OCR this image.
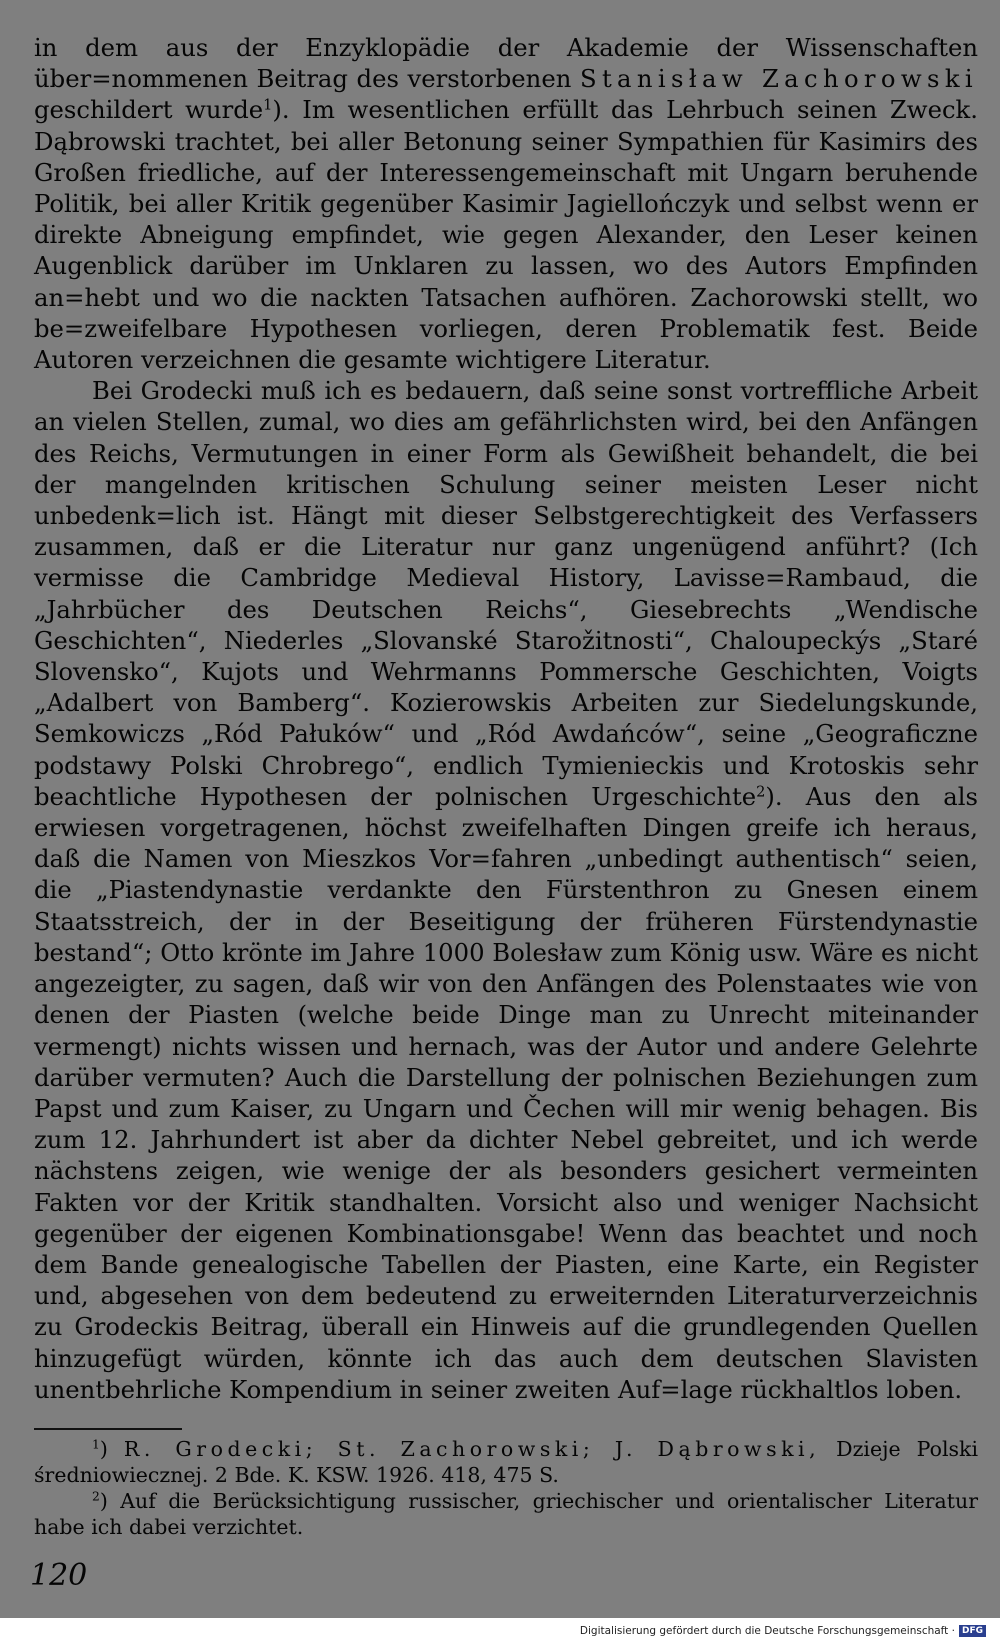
in dem aus der Enzyklopädie der Akademie der Wissenschaften über=nommenen Beitrag des verstorbenen Stanisław Zachorowski geschildert wurde$^1$). Im wesentlichen erfüllt das Lehrbuch seinen Zweck. Dąbrowski trachtet, bei aller Betonung seiner Sympathien für Kasimirs des Großen friedliche, auf der Interessengemeinschaft mit Ungarn beruhende Politik, bei aller Kritik gegenüber Kasimir Jagiellończyk und selbst wenn er direkte Abneigung empfindet, wie gegen Alexander, den Leser keinen Augenblick darüber im Unklaren zu lassen, wo des Autors Empfinden an=hebt und wo die nackten Tatsachen aufhören. Zachorowski stellt, wo be=zweifelbare Hypothesen vorliegen, deren Problematik fest. Beide Autoren verzeichnen die gesamte wichtigere Literatur.

Bei Grodecki muß ich es bedauern, daß seine sonst vortreffliche Arbeit an vielen Stellen, zumal, wo dies am gefährlichsten wird, bei den Anfängen des Reichs, Vermutungen in einer Form als Gewißheit behandelt, die bei der mangelnden kritischen Schulung seiner meisten Leser nicht unbedenk=lich ist. Hängt mit dieser Selbstgerechtigkeit des Verfassers zusammen, daß er die Literatur nur ganz ungenügend anführt? (Ich vermisse die Cambridge Medieval History, Lavisse=Rambaud, die „Jahrbücher des Deutschen Reichs“, Giesebrechts „Wendische Geschichten“, Niederles „Slovanské Starožitnosti“, Chaloupeckýs „Staré Slovensko“, Kujots und Wehrmanns Pommersche Geschichten, Voigts „Adalbert von Bamberg“. Kozierowskis Arbeiten zur Siedelungskunde, Semkowiczs „Ród Pałuków“ und „Ród Awdańców“, seine „Geograficzne podstawy Polski Chrobrego“, endlich Tymienieckis und Krotoskis sehr beachtliche Hypothesen der polnischen Urgeschichte$^2$). Aus den als erwiesen vorgetragenen, höchst zweifelhaften Dingen greife ich heraus, daß die Namen von Mieszkos Vor=fahren „unbedingt authentisch“ seien, die „Piastendynastie verdankte den Fürstenthron zu Gnesen einem Staatsstreich, der in der Beseitigung der früheren Fürstendynastie bestand“; Otto krönte im Jahre 1000 Bolesław zum König usw. Wäre es nicht angezeigter, zu sagen, daß wir von den Anfängen des Polenstaates wie von denen der Piasten (welche beide Dinge man zu Unrecht miteinander vermengt) nichts wissen und hernach, was der Autor und andere Gelehrte darüber vermuten? Auch die Darstellung der polnischen Beziehungen zum Papst und zum Kaiser, zu Ungarn und Čechen will mir wenig behagen. Bis zum 12. Jahrhundert ist aber da dichter Nebel gebreitet, und ich werde nächstens zeigen, wie wenige der als besonders gesichert vermeinten Fakten vor der Kritik standhalten. Vorsicht also und weniger Nachsicht gegenüber der eigenen Kombinationsgabe! Wenn das beachtet und noch dem Bande genealogische Tabellen der Piasten, eine Karte, ein Register und, abgesehen von dem bedeutend zu erweiternden Literaturverzeichnis zu Grodeckis Beitrag, überall ein Hinweis auf die grundlegenden Quellen hinzugefügt würden, könnte ich das auch dem deutschen Slavisten unentbehrliche Kompendium in seiner zweiten Auf=lage rückhaltlos loben.

$^1$) R. Grodecki; St. Zachorowski; J. Dąbrowski, Dzieje Polski średniowiecznej. 2 Bde. K. KSW. 1926. 418, 475 S.

$^2$) Auf die Berücksichtigung russischer, griechischer und orientalischer Literatur habe ich dabei verzichtet.

120
Digitalisierung gefördert durch die Deutsche Forschungsgemeinschaft · DFG
